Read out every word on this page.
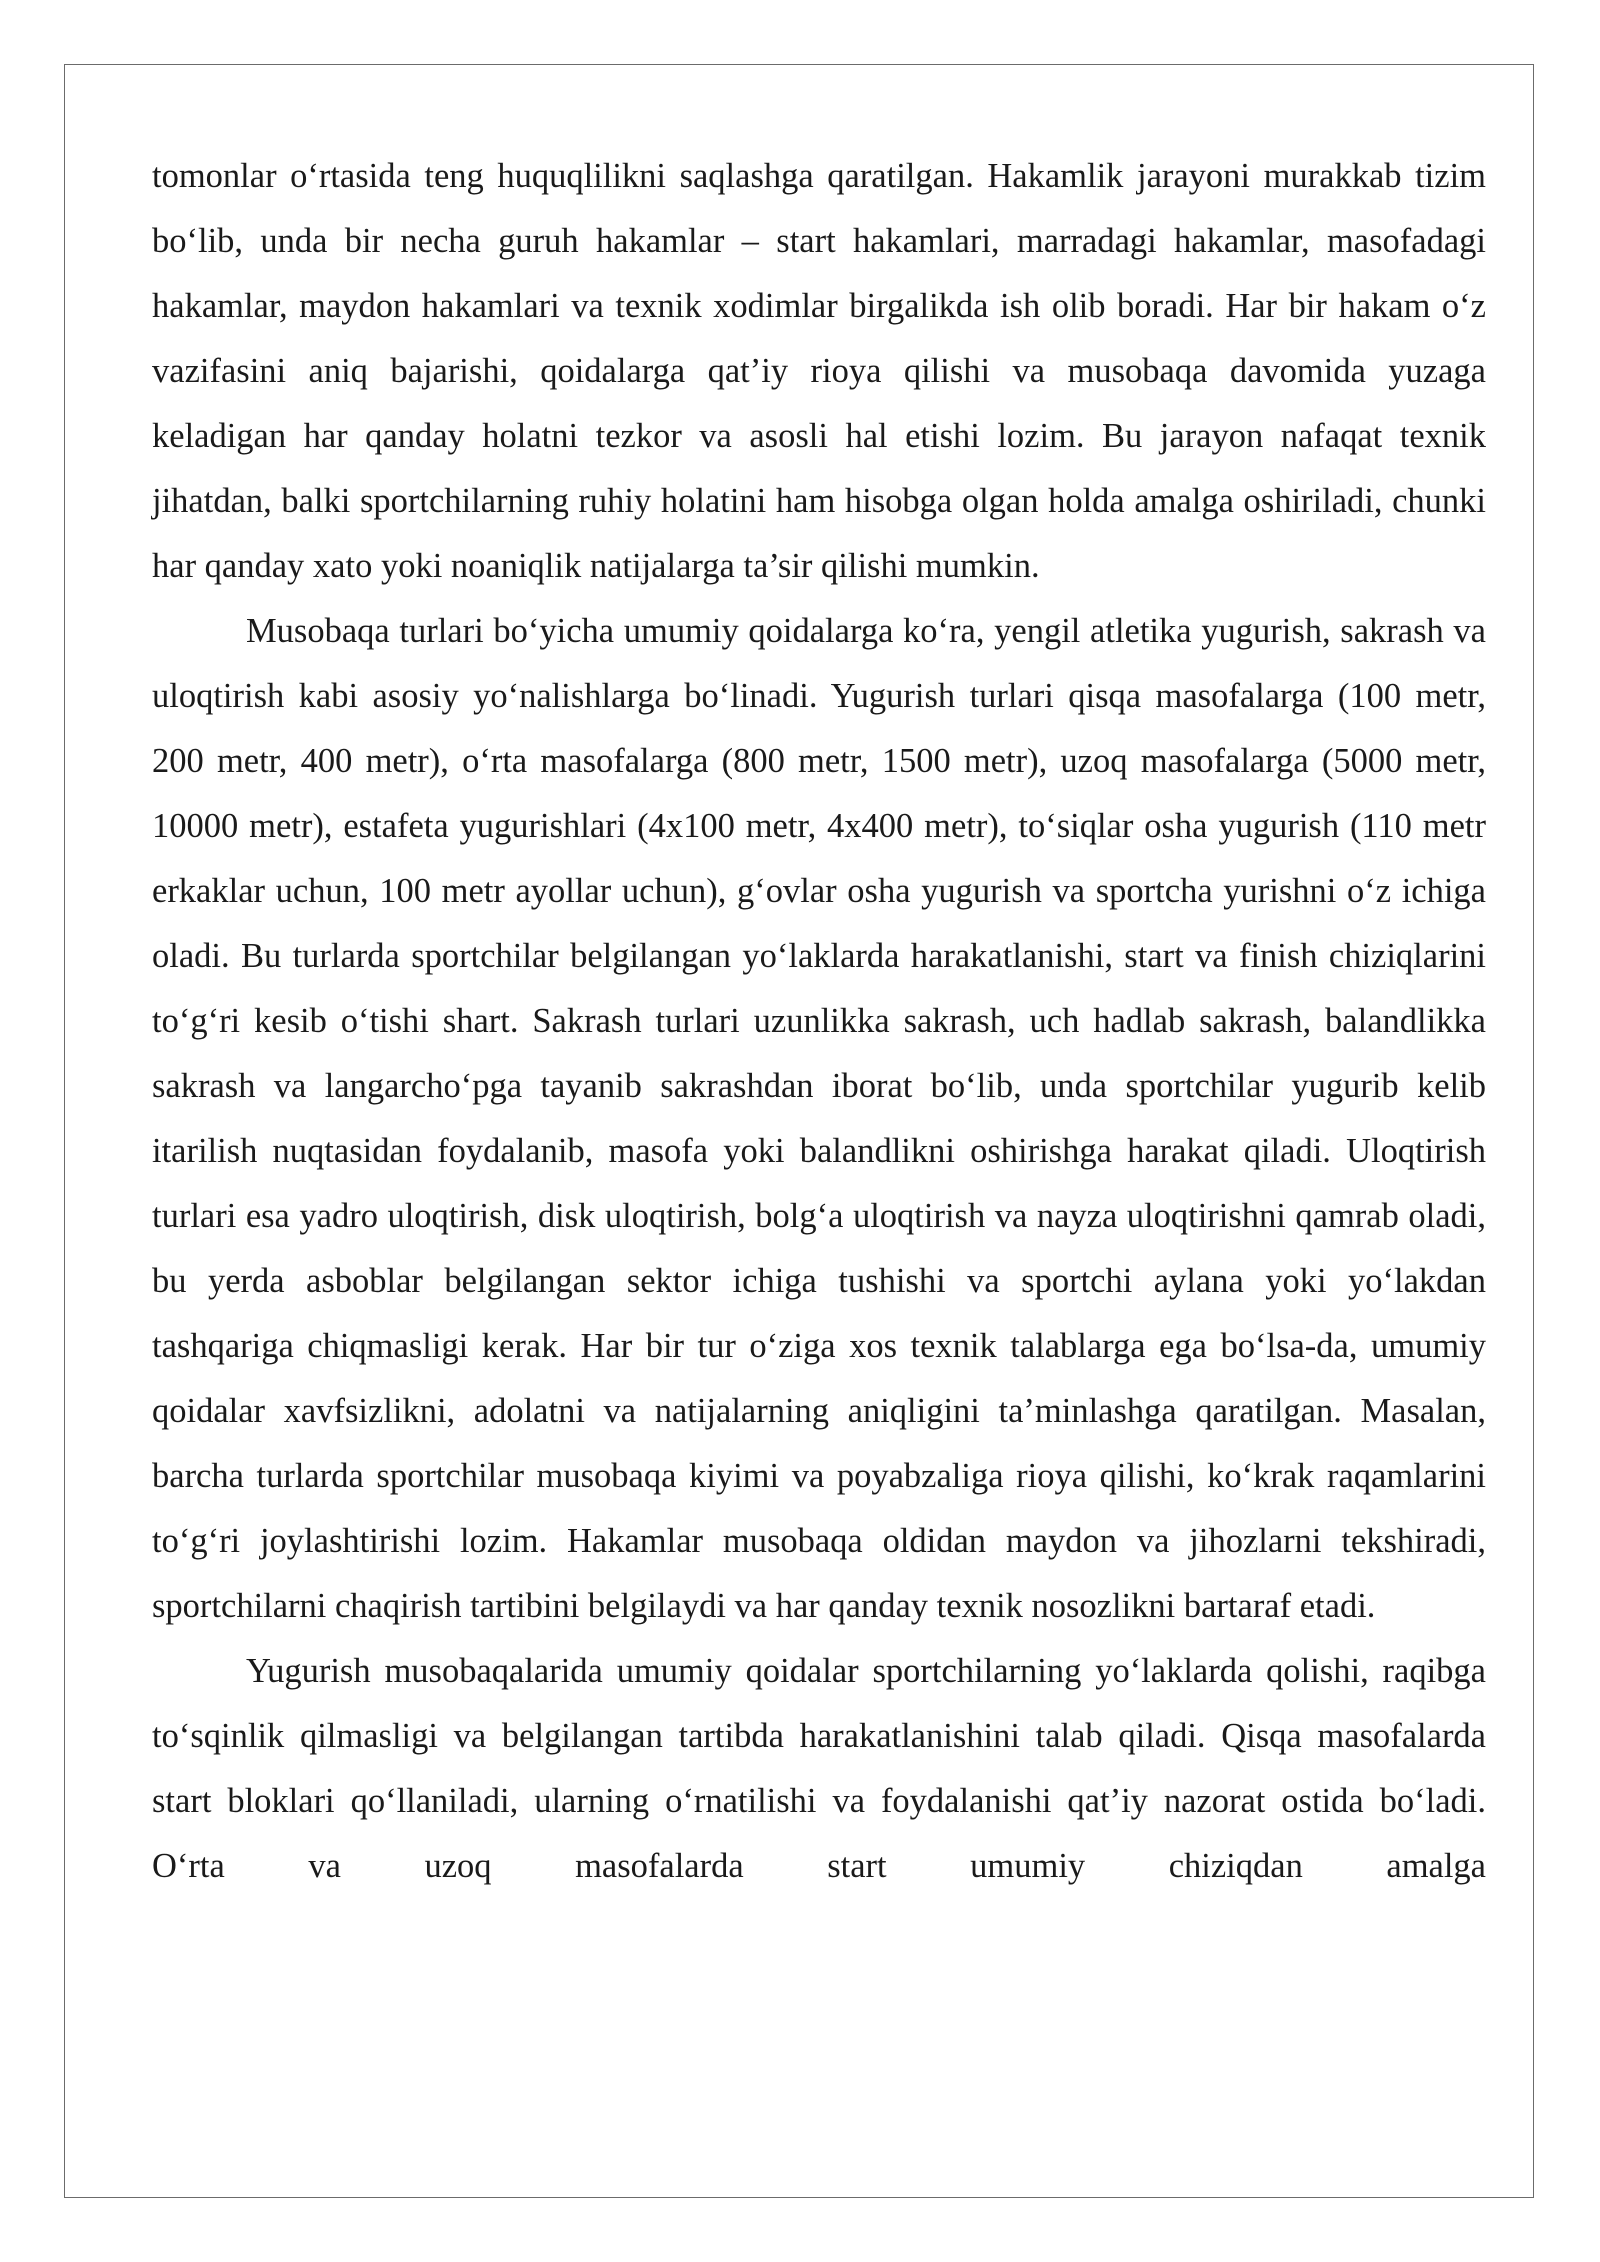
tomonlar o‘rtasida teng huquqlilikni saqlashga qaratilgan. Hakamlik jarayoni murakkab tizim bo‘lib, unda bir necha guruh hakamlar – start hakamlari, marradagi hakamlar, masofadagi hakamlar, maydon hakamlari va texnik xodimlar birgalikda ish olib boradi. Har bir hakam o‘z vazifasini aniq bajarishi, qoidalarga qat’iy rioya qilishi va musobaqa davomida yuzaga keladigan har qanday holatni tezkor va asosli hal etishi lozim. Bu jarayon nafaqat texnik jihatdan, balki sportchilarning ruhiy holatini ham hisobga olgan holda amalga oshiriladi, chunki har qanday xato yoki noaniqlik natijalarga ta’sir qilishi mumkin.

Musobaqa turlari bo‘yicha umumiy qoidalarga ko‘ra, yengil atletika yugurish, sakrash va uloqtirish kabi asosiy yo‘nalishlarga bo‘linadi. Yugurish turlari qisqa masofalarga (100 metr, 200 metr, 400 metr), o‘rta masofalarga (800 metr, 1500 metr), uzoq masofalarga (5000 metr, 10000 metr), estafeta yugurishlari (4x100 metr, 4x400 metr), to‘siqlar osha yugurish (110 metr erkaklar uchun, 100 metr ayollar uchun), g‘ovlar osha yugurish va sportcha yurishni o‘z ichiga oladi. Bu turlarda sportchilar belgilangan yo‘laklarda harakatlanishi, start va finish chiziqlarini to‘g‘ri kesib o‘tishi shart. Sakrash turlari uzunlikka sakrash, uch hadlab sakrash, balandlikka sakrash va langarcho‘pga tayanib sakrashdan iborat bo‘lib, unda sportchilar yugurib kelib itarilish nuqtasidan foydalanib, masofa yoki balandlikni oshirishga harakat qiladi. Uloqtirish turlari esa yadro uloqtirish, disk uloqtirish, bolg‘a uloqtirish va nayza uloqtirishni qamrab oladi, bu yerda asboblar belgilangan sektor ichiga tushishi va sportchi aylana yoki yo‘lakdan tashqariga chiqmasligi kerak. Har bir tur o‘ziga xos texnik talablarga ega bo‘lsa-da, umumiy qoidalar xavfsizlikni, adolatni va natijalarning aniqligini ta’minlashga qaratilgan. Masalan, barcha turlarda sportchilar musobaqa kiyimi va poyabzaliga rioya qilishi, ko‘krak raqamlarini to‘g‘ri joylashtirishi lozim. Hakamlar musobaqa oldidan maydon va jihozlarni tekshiradi, sportchilarni chaqirish tartibini belgilaydi va har qanday texnik nosozlikni bartaraf etadi.

Yugurish musobaqalarida umumiy qoidalar sportchilarning yo‘laklarda qolishi, raqibga to‘sqinlik qilmasligi va belgilangan tartibda harakatlanishini talab qiladi. Qisqa masofalarda start bloklari qo‘llaniladi, ularning o‘rnatilishi va foydalanishi qat’iy nazorat ostida bo‘ladi. O‘rta va uzoq masofalarda start umumiy chiziqdan amalga
